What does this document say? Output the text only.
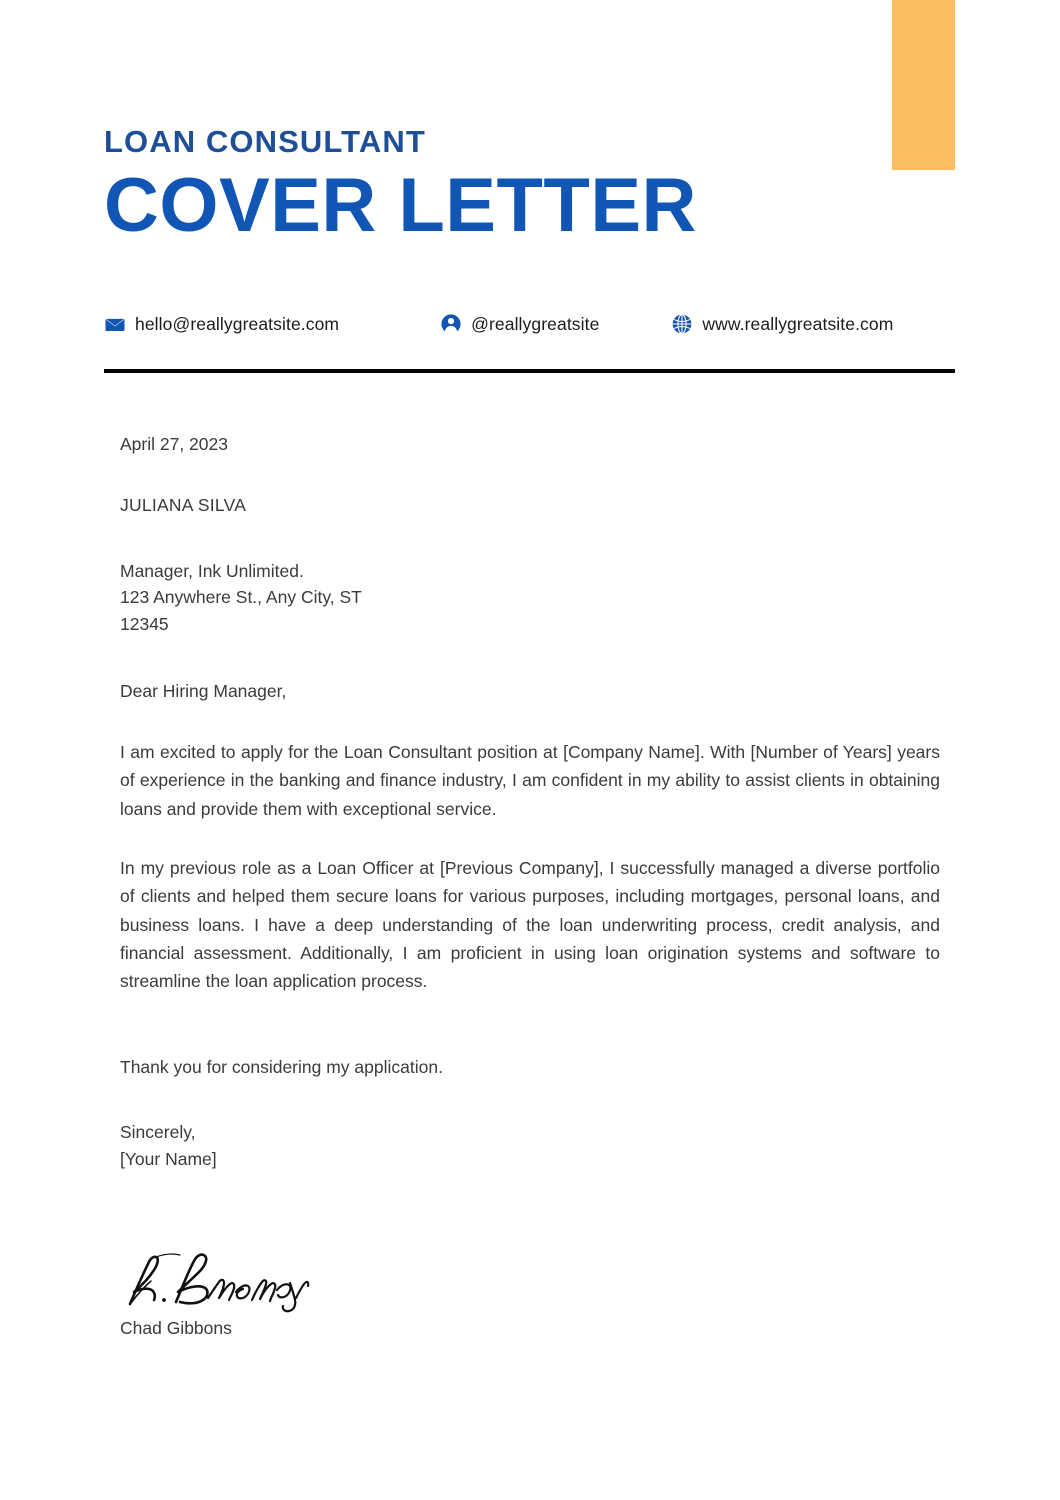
LOAN CONSULTANT
COVER LETTER
hello@reallygreatsite.com	@reallygreatsite	www.reallygreatsite.com

April 27, 2023

JULIANA SILVA

Manager, Ink Unlimited.
123 Anywhere St., Any City, ST
12345

Dear Hiring Manager,

I am excited to apply for the Loan Consultant position at [Company Name]. With [Number of Years] years of experience in the banking and finance industry, I am confident in my ability to assist clients in obtaining loans and provide them with exceptional service.

In my previous role as a Loan Officer at [Previous Company], I successfully managed a diverse portfolio of clients and helped them secure loans for various purposes, including mortgages, personal loans, and business loans. I have a deep understanding of the loan underwriting process, credit analysis, and financial assessment. Additionally, I am proficient in using loan origination systems and software to streamline the loan application process.

Thank you for considering my application.

Sincerely,
[Your Name]

Chad Gibbons
